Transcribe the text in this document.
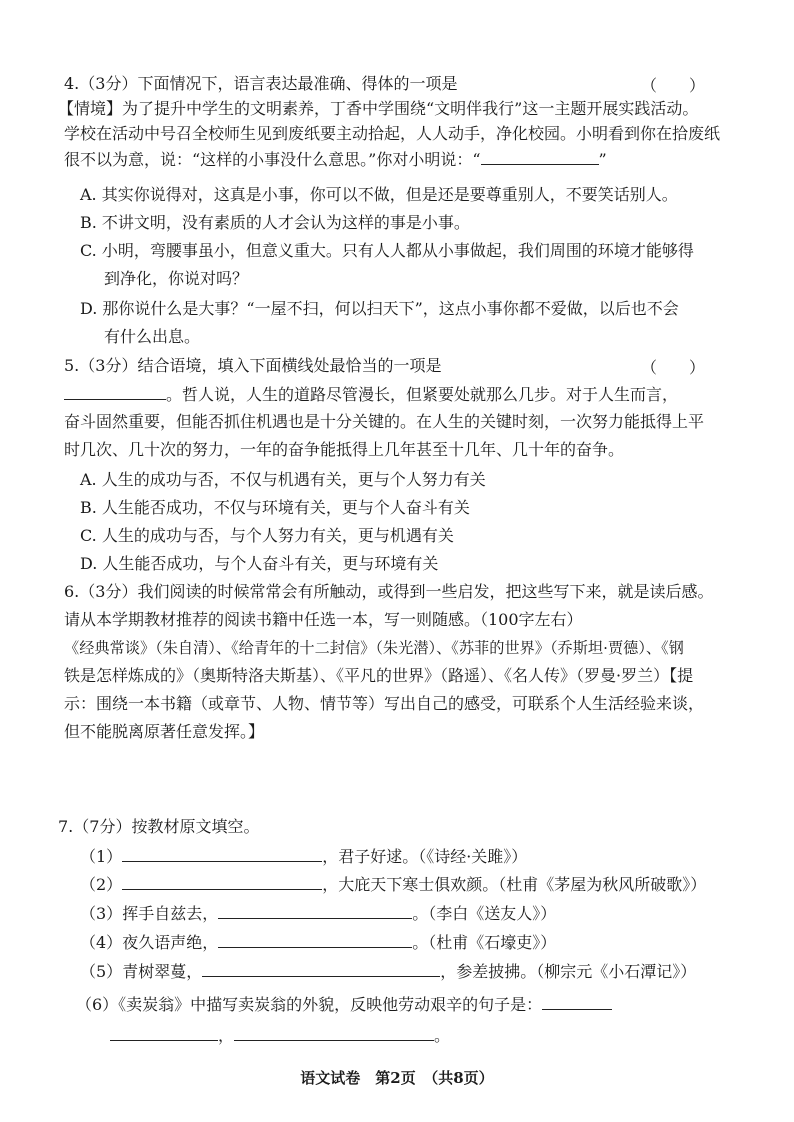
4.（3分）下面情况下，语言表达最准确、得体的一项是	（　　）
【情境】为了提升中学生的文明素养，丁香中学围绕“文明伴我行”这一主题开展实践活动。
学校在活动中号召全校师生见到废纸要主动拾起，人人动手，净化校园。小明看到你在拾废纸
很不以为意，说：“这样的小事没什么意思。”你对小明说：“	”
A. 其实你说得对，这真是小事，你可以不做，但是还是要尊重别人，不要笑话别人。
B. 不讲文明，没有素质的人才会认为这样的事是小事。
C. 小明，弯腰事虽小，但意义重大。只有人人都从小事做起，我们周围的环境才能够得
到净化，你说对吗？
D. 那你说什么是大事？“一屋不扫，何以扫天下”，这点小事你都不爱做，以后也不会
有什么出息。
5.（3分）结合语境，填入下面横线处最恰当的一项是	（　　）
。哲人说，人生的道路尽管漫长，但紧要处就那么几步。对于人生而言，
奋斗固然重要，但能否抓住机遇也是十分关键的。在人生的关键时刻，一次努力能抵得上平
时几次、几十次的努力，一年的奋争能抵得上几年甚至十几年、几十年的奋争。
A. 人生的成功与否，不仅与机遇有关，更与个人努力有关
B. 人生能否成功，不仅与环境有关，更与个人奋斗有关
C. 人生的成功与否，与个人努力有关，更与机遇有关
D. 人生能否成功，与个人奋斗有关，更与环境有关
6.（3分）我们阅读的时候常常会有所触动，或得到一些启发，把这些写下来，就是读后感。
请从本学期教材推荐的阅读书籍中任选一本，写一则随感。（100字左右）
《经典常谈》（朱自清）、《给青年的十二封信》（朱光潜）、《苏菲的世界》（乔斯坦·贾德）、《钢
铁是怎样炼成的》（奥斯特洛夫斯基）、《平凡的世界》（路遥）、《名人传》（罗曼·罗兰）【提
示：围绕一本书籍（或章节、人物、情节等）写出自己的感受，可联系个人生活经验来谈，
但不能脱离原著任意发挥。】
7.（7分）按教材原文填空。
（1）	，君子好逑。（《诗经·关雎》）
（2）	，大庇天下寒士俱欢颜。（杜甫《茅屋为秋风所破歌》）
（3）挥手自兹去，	。（李白《送友人》）
（4）夜久语声绝，	。（杜甫《石壕吏》）
（5）青树翠蔓，	，参差披拂。（柳宗元《小石潭记》）
（6）《卖炭翁》中描写卖炭翁的外貌，反映他劳动艰辛的句子是：
，	。
语文试卷　第2页　（共8页）
